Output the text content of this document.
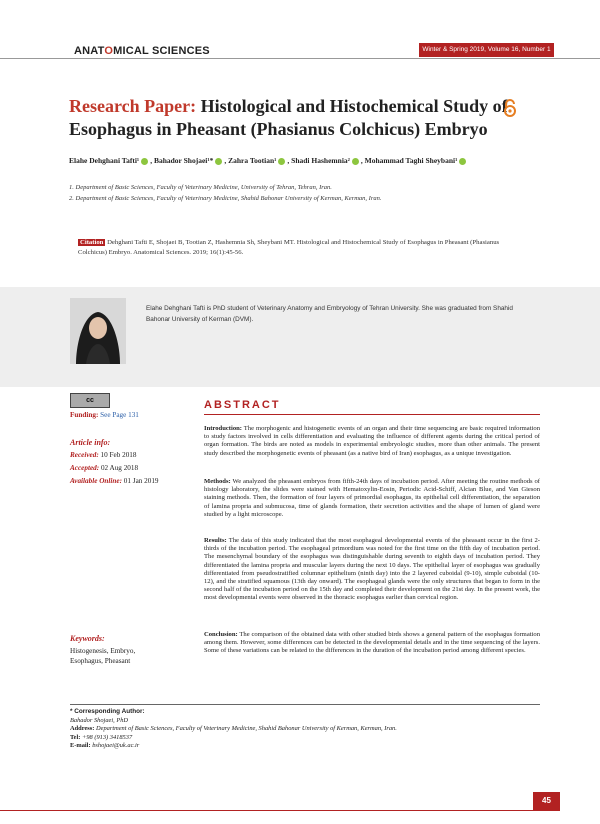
ANATOMICAL SCIENCES	Winter & Spring 2019, Volume 16, Number 1
Research Paper: Histological and Histochemical Study of Esophagus in Pheasant (Phasianus Colchicus) Embryo
Elahe Dehghani Tafti¹ , Bahador Shojaei¹* , Zahra Tootian¹ , Shadi Hashemnia² , Mohammad Taghi Sheybani¹
1. Department of Basic Sciences, Faculty of Veterinary Medicine, University of Tehran, Tehran, Iran.
2. Department of Basic Sciences, Faculty of Veterinary Medicine, Shahid Bahonar University of Kerman, Kerman, Iran.
Citation Dehghani Tafti E, Shojaei B, Tootian Z, Hashemnia Sh, Sheybani MT. Histological and Histochemical Study of Esophagus in Pheasant (Phasianus Colchicus) Embryo. Anatomical Sciences. 2019; 16(1):45-56.
Elahe Dehghani Tafti is PhD student of Veterinary Anatomy and Embryology of Tehran University. She was graduated from Shahid Bahonar University of Kerman (DVM).
cc
Funding: See Page 131
Article info:
Received: 10 Feb 2018
Accepted: 02 Aug 2018
Available Online: 01 Jan 2019
Keywords:
Histogenesis, Embryo,
Esophagus, Pheasant
ABSTRACT
Introduction: The morphogenic and histogenetic events of an organ and their time sequencing are basic required information to study factors involved in cells differentiation and evaluating the influence of different agents during the critical period of organ formation. The birds are noted as models in experimental embryologic studies, more than other animals. The present study described the morphogenetic events of pheasant (as a native bird of Iran) esophagus, as a unique investigation.
Methods: We analyzed the pheasant embryos from fifth-24th days of incubation period. After meeting the routine methods of histology laboratory, the slides were stained with Hematoxylin-Eosin, Periodic Acid-Schiff, Alcian Blue, and Van Gieson staining methods. Then, the formation of four layers of primordial esophagus, its epithelial cell differentiation, the separation of lamina propria and submucosa, time of glands formation, their secretion activities and the shape of lumen of gland were studied by a light microscope.
Results: The data of this study indicated that the most esophageal developmental events of the pheasant occur in the first 2-thirds of the incubation period. The esophageal primordium was noted for the first time on the fifth day of incubation period. The mesenchymal boundary of the esophagus was distinguishable during seventh to eighth days of incubation period. They differentiated the lamina propria and muscular layers during the next 10 days. The epithelial layer of esophagus was gradually differentiated from pseudostratified columnar epithelium (ninth day) into the 2 layered cuboidal (9-10), simple cuboidal (10-12), and the stratified squamous (13th day onward). The esophageal glands were the only structures that began to form in the second half of the incubation period on the 15th day and completed their development on the 21st day. In the present work, the most developmental events were observed in the thoracic esophagus earlier than cervical region.
Conclusion: The comparison of the obtained data with other studied birds shows a general pattern of the esophagus formation among them. However, some differences can be detected in the developmental details and in the time sequencing of the layers. Some of these variations can be related to the differences in the duration of the incubation period among different species.
* Corresponding Author:
Bahador Shojaei, PhD
Address: Department of Basic Sciences, Faculty of Veterinary Medicine, Shahid Bahonar University of Kerman, Kerman, Iran.
Tel: +98 (913) 3418537
E-mail: bshojaei@uk.ac.ir
45
